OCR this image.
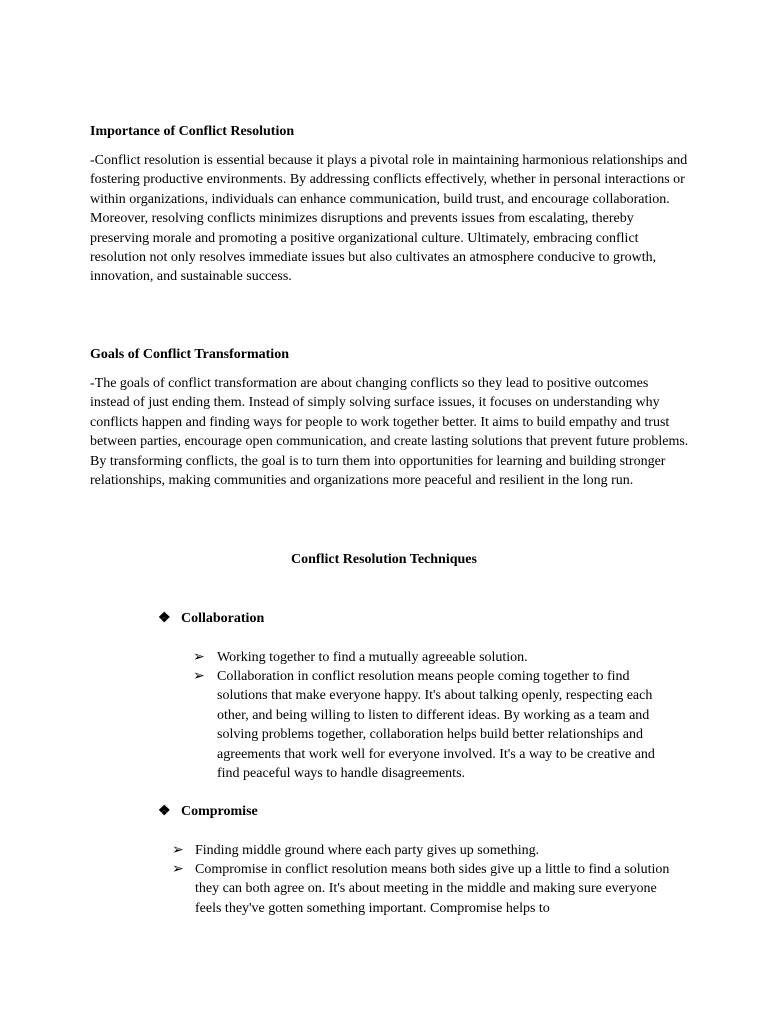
Importance of Conflict Resolution
-Conflict resolution is essential because it plays a pivotal role in maintaining harmonious relationships and fostering productive environments. By addressing conflicts effectively, whether in personal interactions or within organizations, individuals can enhance communication, build trust, and encourage collaboration. Moreover, resolving conflicts minimizes disruptions and prevents issues from escalating, thereby preserving morale and promoting a positive organizational culture. Ultimately, embracing conflict resolution not only resolves immediate issues but also cultivates an atmosphere conducive to growth, innovation, and sustainable success.
Goals of Conflict Transformation
-The goals of conflict transformation are about changing conflicts so they lead to positive outcomes instead of just ending them. Instead of simply solving surface issues, it focuses on understanding why conflicts happen and finding ways for people to work together better. It aims to build empathy and trust between parties, encourage open communication, and create lasting solutions that prevent future problems. By transforming conflicts, the goal is to turn them into opportunities for learning and building stronger relationships, making communities and organizations more peaceful and resilient in the long run.
Conflict Resolution Techniques
❖ Collaboration
➢ Working together to find a mutually agreeable solution.
➢ Collaboration in conflict resolution means people coming together to find solutions that make everyone happy. It's about talking openly, respecting each other, and being willing to listen to different ideas. By working as a team and solving problems together, collaboration helps build better relationships and agreements that work well for everyone involved. It's a way to be creative and find peaceful ways to handle disagreements.
❖ Compromise
➢ Finding middle ground where each party gives up something.
➢ Compromise in conflict resolution means both sides give up a little to find a solution they can both agree on. It's about meeting in the middle and making sure everyone feels they've gotten something important. Compromise helps to
